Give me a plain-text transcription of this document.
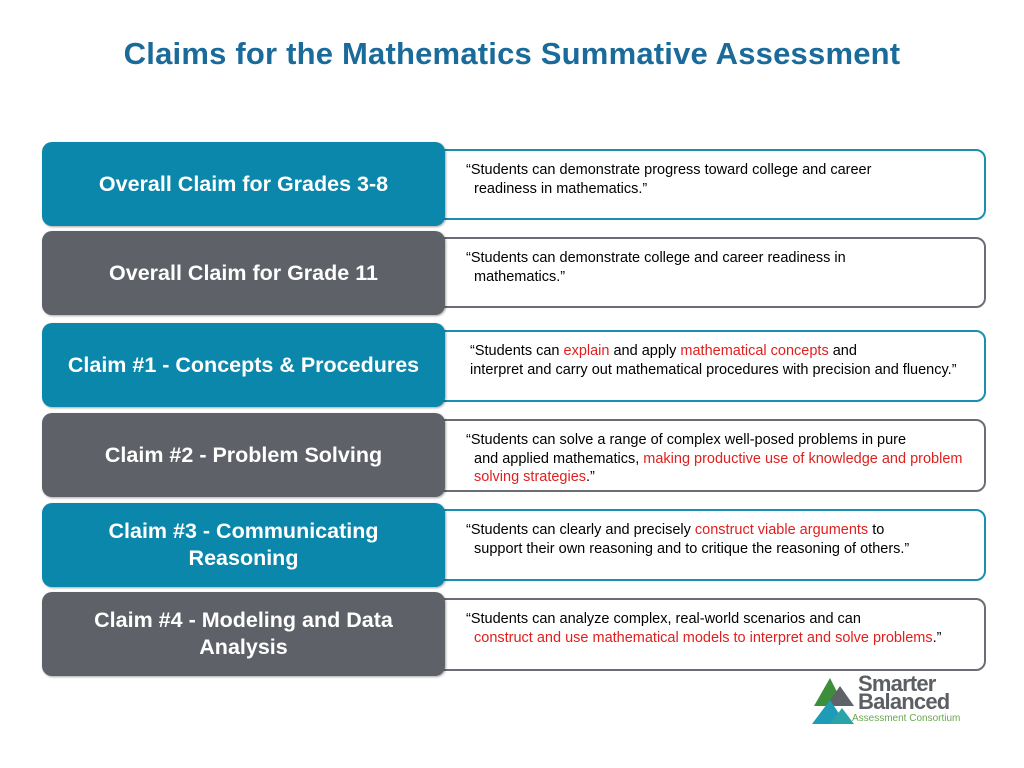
Claims for the Mathematics Summative Assessment
“Students can demonstrate progress toward college and career
readiness in mathematics.”
Overall Claim for Grades 3-8
“Students can demonstrate college and career readiness in
mathematics.”
Overall Claim for Grade 11
“Students can explain and apply mathematical concepts and
interpret and carry out mathematical procedures with precision and fluency.”
Claim #1 - Concepts & Procedures
“Students can solve a range of complex well-posed problems in pure
and applied mathematics, making productive use of knowledge and problem solving strategies.”
Claim #2 - Problem Solving
“Students can clearly and precisely construct viable arguments to
support their own reasoning and to critique the reasoning of others.”
Claim #3 - Communicating Reasoning
“Students can analyze complex, real-world scenarios and can
construct and use mathematical models to interpret and solve problems.”
Claim #4 - Modeling and Data Analysis
Smarter
Balanced
Assessment Consortium
